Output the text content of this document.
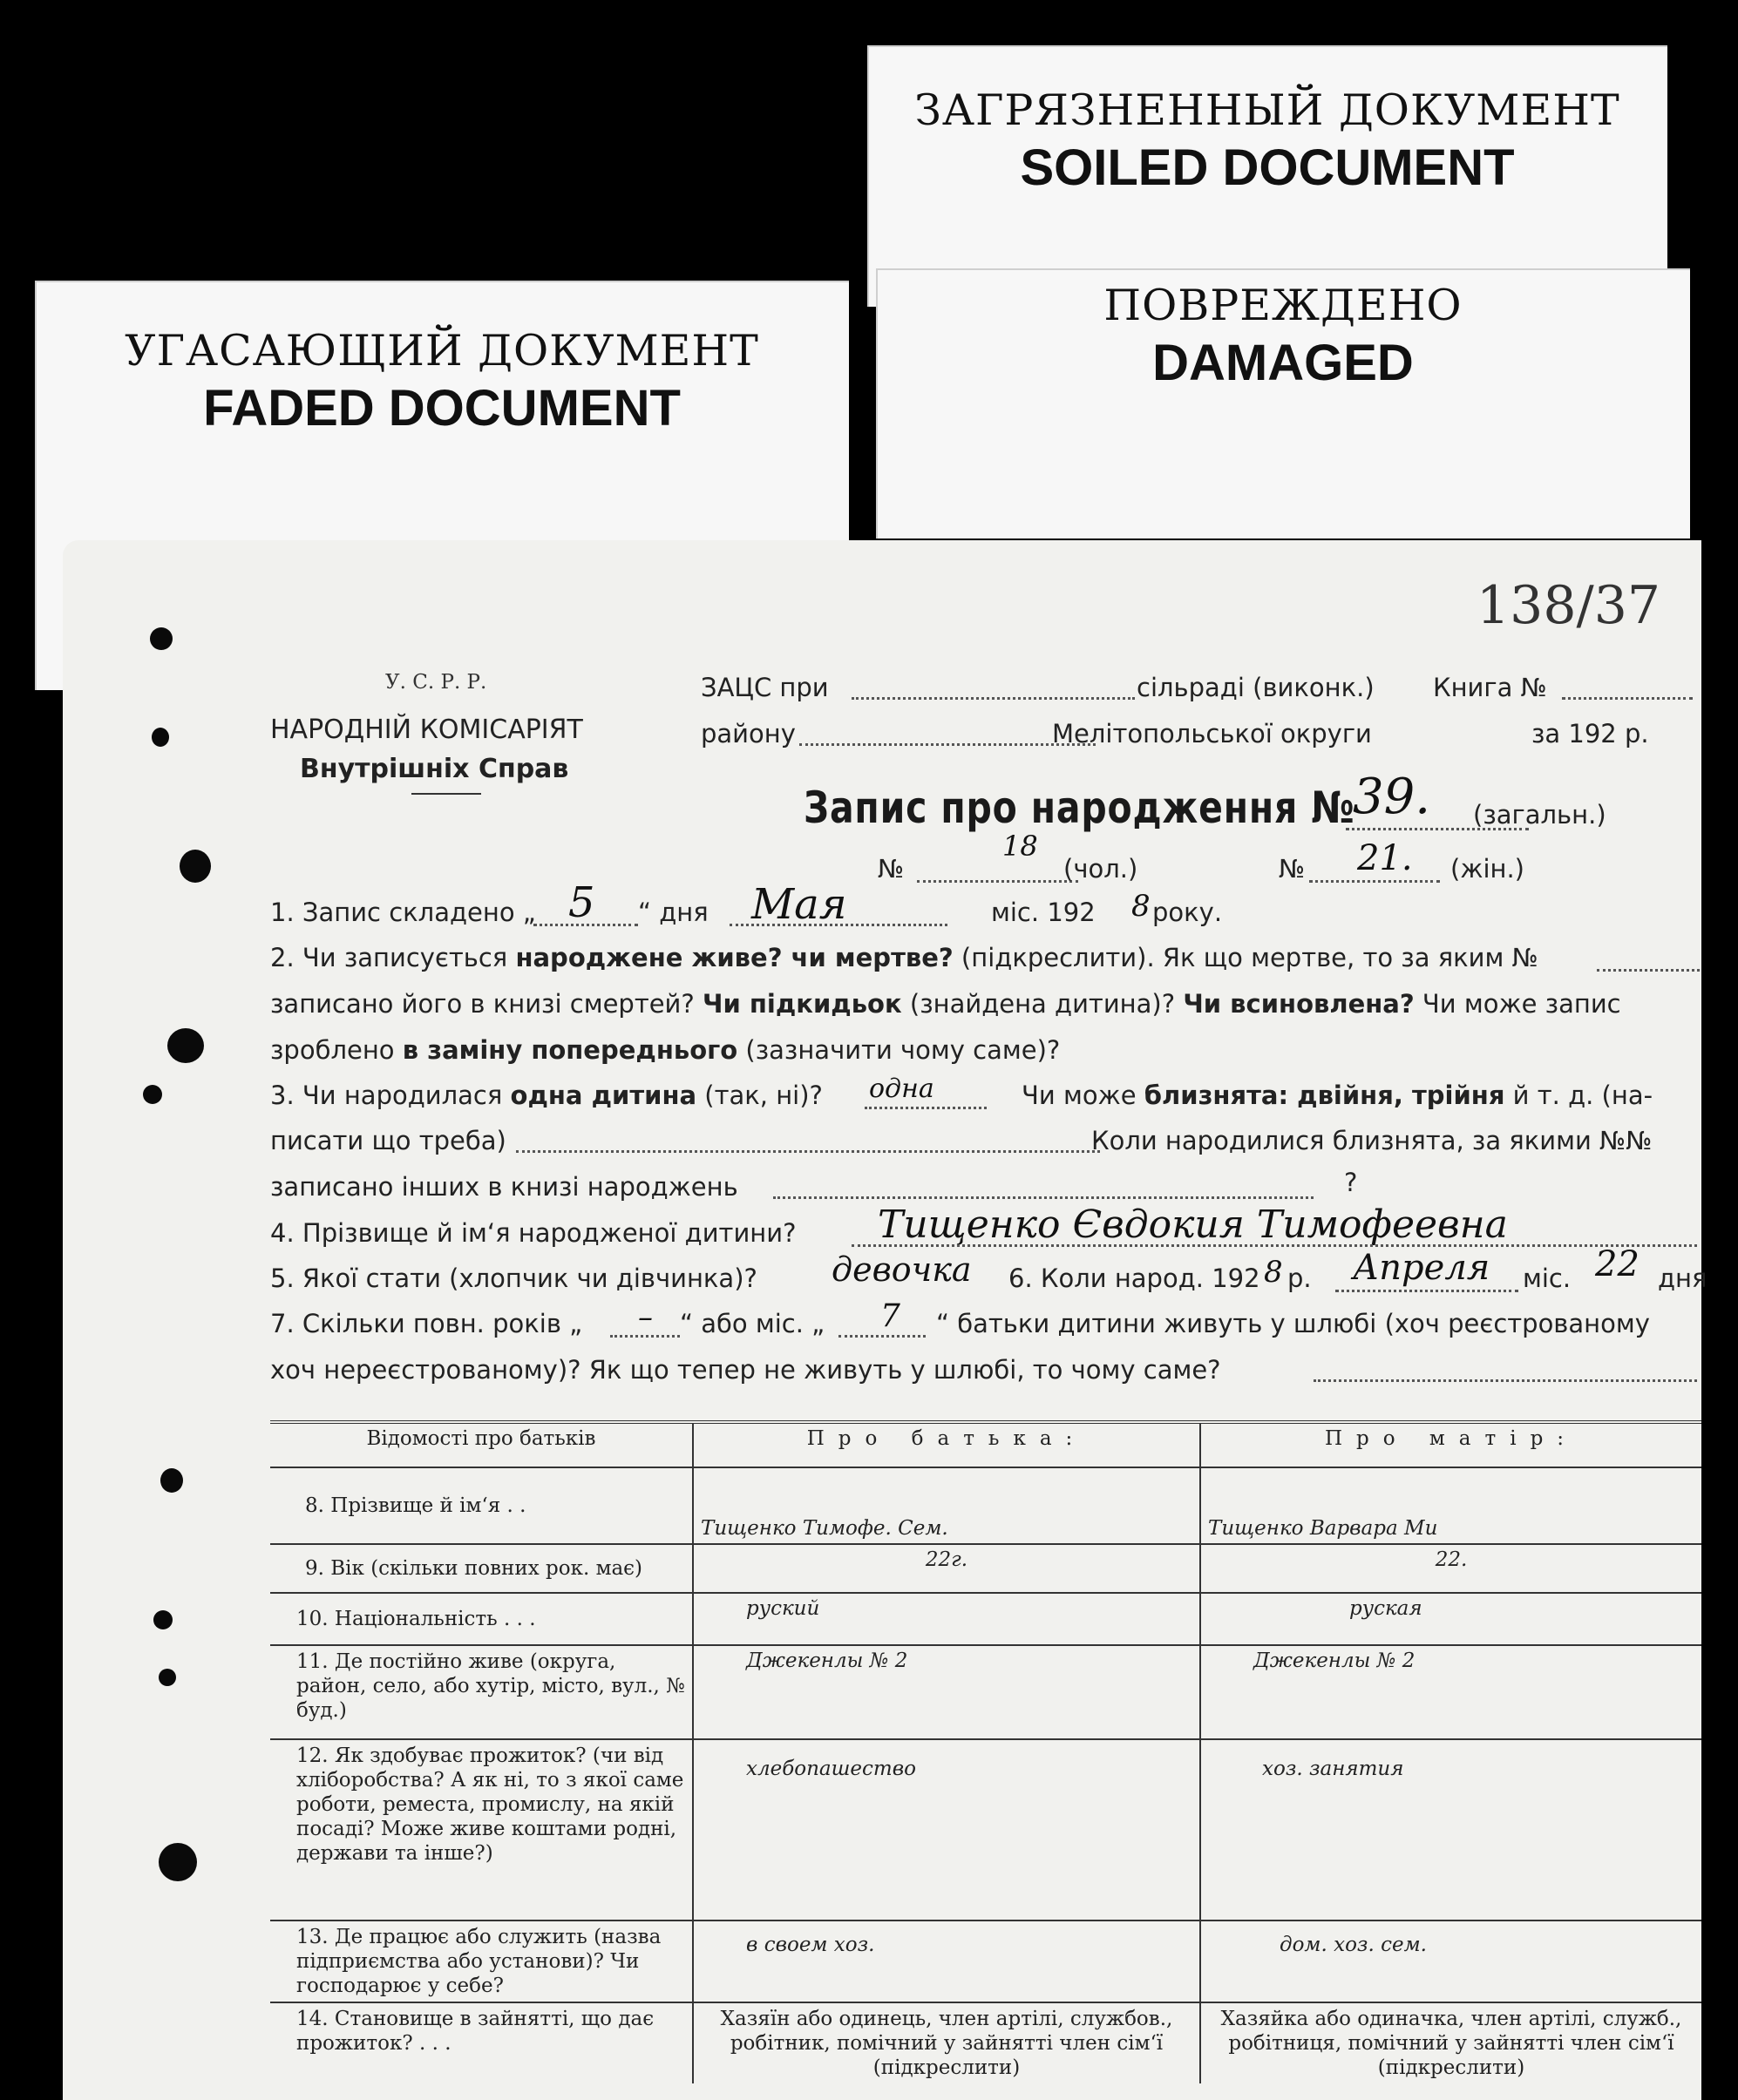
ЗАГРЯЗНЕННЫЙ ДОКУМЕНТ
SOILED DOCUMENT
УГАСАЮЩИЙ ДОКУМЕНТ
FADED DOCUMENT
ПОВРЕЖДЕНО
DAMAGED
138/37
У. С. Р. Р.
НАРОДНІЙ КОМІСАРІЯТ
Внутрішніх Справ
ЗАЦС при	сільраді (виконк.) Книга №
району	Мелітопольської округи	за 192 р.
Запис про народження №
39. (загальн.)
№
18
(чол.)	№ 21. (жін.)
1. Запис складено „ 5 “ дня Мая	міс. 192 8 року.
2. Чи записується народжене живе? чи мертве? (підкреслити). Як що мертве, то за яким №
записано його в книзі смертей? Чи підкидьок (знайдена дитина)? Чи всиновлена? Чи може запис
зроблено в заміну попереднього (зазначити чому саме)?
3. Чи народилася одна дитина (так, ні)? одна	Чи може близнята: двійня, трійня й т. д. (на-
писати що треба)	Коли народилися близнята, за якими №№
записано інших в книзі народжень	?
4. Прізвище й ім‘я народженої дитини? Тищенко Євдокия Тимофеевна
5. Якої стати (хлопчик чи дівчинка)? девочка 6. Коли народ. 192 8 р. Апреля міс. 22 дня
7. Скільки повн. років „ – “ або міс. „ 7 “ батьки дитини живуть у шлюбі (хоч реєстрованому
хоч нереєстрованому)? Як що тепер не живуть у шлюбі, то чому саме?
Відомості про батьків	Про батька:	Про матір:
8. Прізвище й ім‘я . .	Тищенко Тимофе. Сем.	Тищенко Варвара Ми
9. Вік (скільки повних рок. має)	22г.	22.
10. Національність . . .	руский	руская
11. Де постійно живе (округа, район, село, або хутір, місто, вул., № буд.)	Джекенлы № 2	Джекенлы № 2
12. Як здобуває прожиток? (чи від хліборобства? А як ні, то з якої саме роботи, реместа, промислу, на якій посаді? Може живе коштами родні, держави та інше?)	хлебопашество	хоз. занятия
13. Де працює або служить (назва підприємства або установи)? Чи господарює у себе?	в своем хоз.	дом. хоз. сем.
14. Становище в зайнятті, що дає прожиток? . . .	Хазяїн або одинець, член артілі, службов., робітник, помічний у зайнятті член сім‘ї (підкреслити)	Хазяйка або одиначка, член артілі, служб., робітниця, помічний у зайнятті член сім‘ї (підкреслити)
